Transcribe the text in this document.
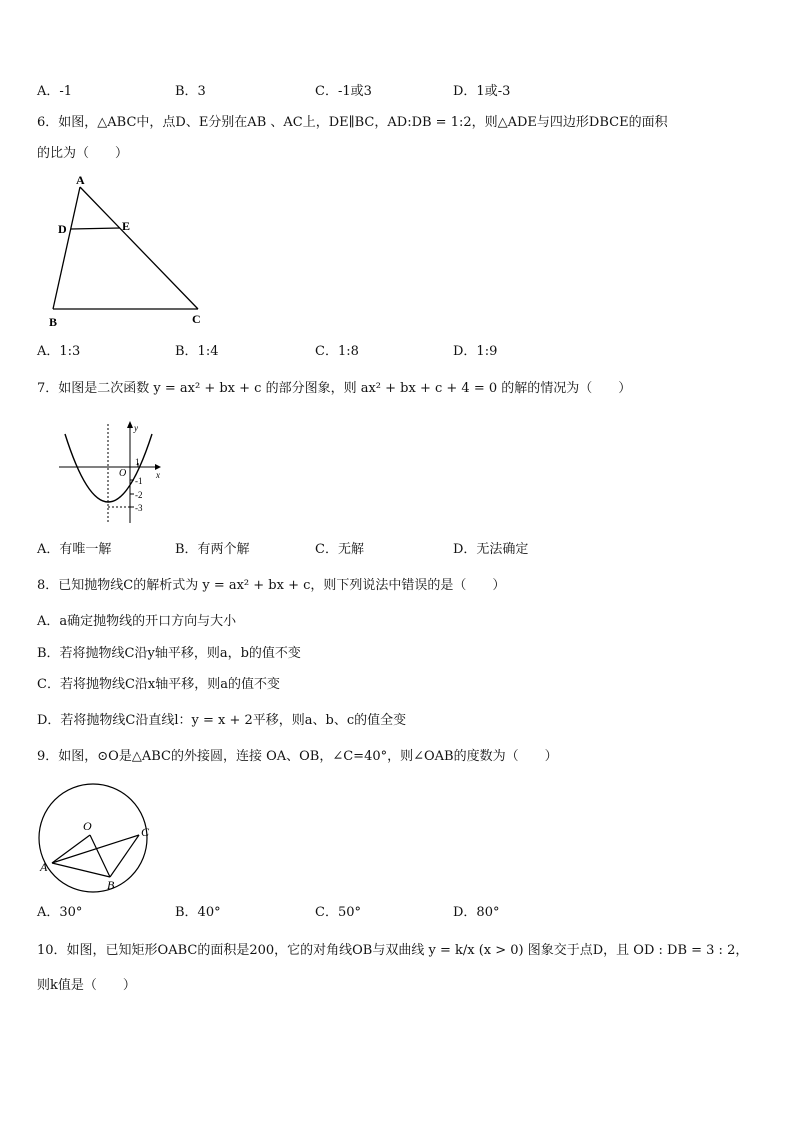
A．-1	B．3	C．-1或3	D．1或-3
6．如图，△ABC中，点D、E分别在AB 、AC上，DE∥BC，AD:DB = 1:2，则△ADE与四边形DBCE的面积
的比为（　　）
A
D	E
B	C
A．1:3	B．1:4	C．1:8	D．1:9
7．如图是二次函数 y = ax² + bx + c 的部分图象，则 ax² + bx + c + 4 = 0 的解的情况为（　　）
y
O	x
1
-1
-2
-3
A．有唯一解	B．有两个解	C．无解	D．无法确定
8．已知抛物线C的解析式为 y = ax² + bx + c，则下列说法中错误的是（　　）
A．a确定抛物线的开口方向与大小
B．若将抛物线C沿y轴平移，则a，b的值不变
C．若将抛物线C沿x轴平移，则a的值不变
D．若将抛物线C沿直线l：y = x + 2平移，则a、b、c的值全变
9．如图，⊙O是△ABC的外接圆，连接 OA、OB，∠C=40°，则∠OAB的度数为（　　）
O	C
A
B
A．30°	B．40°	C．50°	D．80°
10．如图，已知矩形OABC的面积是200，它的对角线OB与双曲线 y = k/x (x > 0) 图象交于点D，且 OD : DB = 3 : 2，
则k值是（　　）
